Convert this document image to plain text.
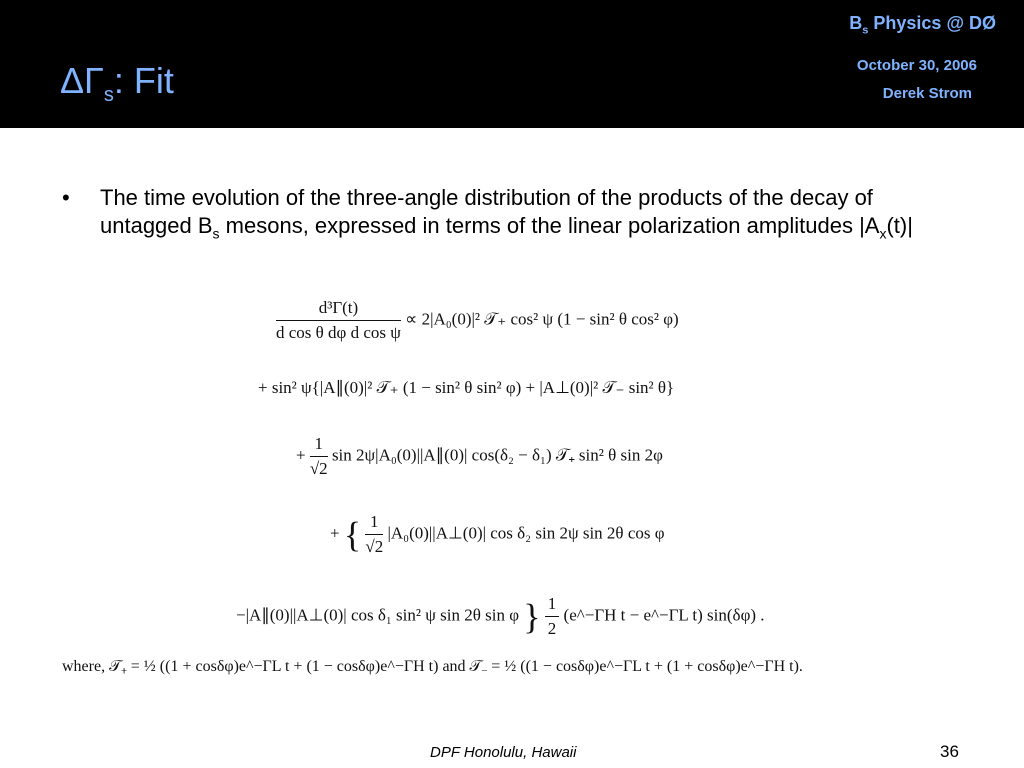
$\Delta\Gamma_s$: Fit
$B_s$ Physics @ DØ
October 30, 2006
Derek Strom
• The time evolution of the three-angle distribution of the products of the decay of untagged $B_s$ mesons, expressed in terms of the linear polarization amplitudes $|A_x(t)|$
$\frac{\text{d³Γ(t)}}{\text{d cos θ dφ d cos ψ}} \propto 2|A_0(0)|^2$ 𝒯₊ cos² ψ (1 − sin² θ cos² φ)
+ sin² ψ{|A∥(0)|² 𝒯₊ (1 − sin² θ sin² φ) + |A⊥(0)|² 𝒯₋ sin² θ}
+ $\frac{1}{√2}$ sin 2ψ|A₀(0)||A∥(0)| cos(δ₂ − δ₁) 𝒯₊ sin² θ sin 2φ
+ { $\frac{1}{√2}$ |A₀(0)||A⊥(0)| cos δ₂ sin 2ψ sin 2θ cos φ
−|A∥(0)||A⊥(0)| cos δ₁ sin² ψ sin 2θ sin φ } $\frac{1}{2}$ (e^−ΓH t − e^−ΓL t) sin(δφ) .
where, 𝒯₊ = ½ ((1 + cosδφ)e^−ΓL t + (1 − cosδφ)e^−ΓH t) and 𝒯₋ = ½ ((1 − cosδφ)e^−ΓL t + (1 + cosδφ)e^−ΓH t).
DPF Honolulu, Hawaii	36
